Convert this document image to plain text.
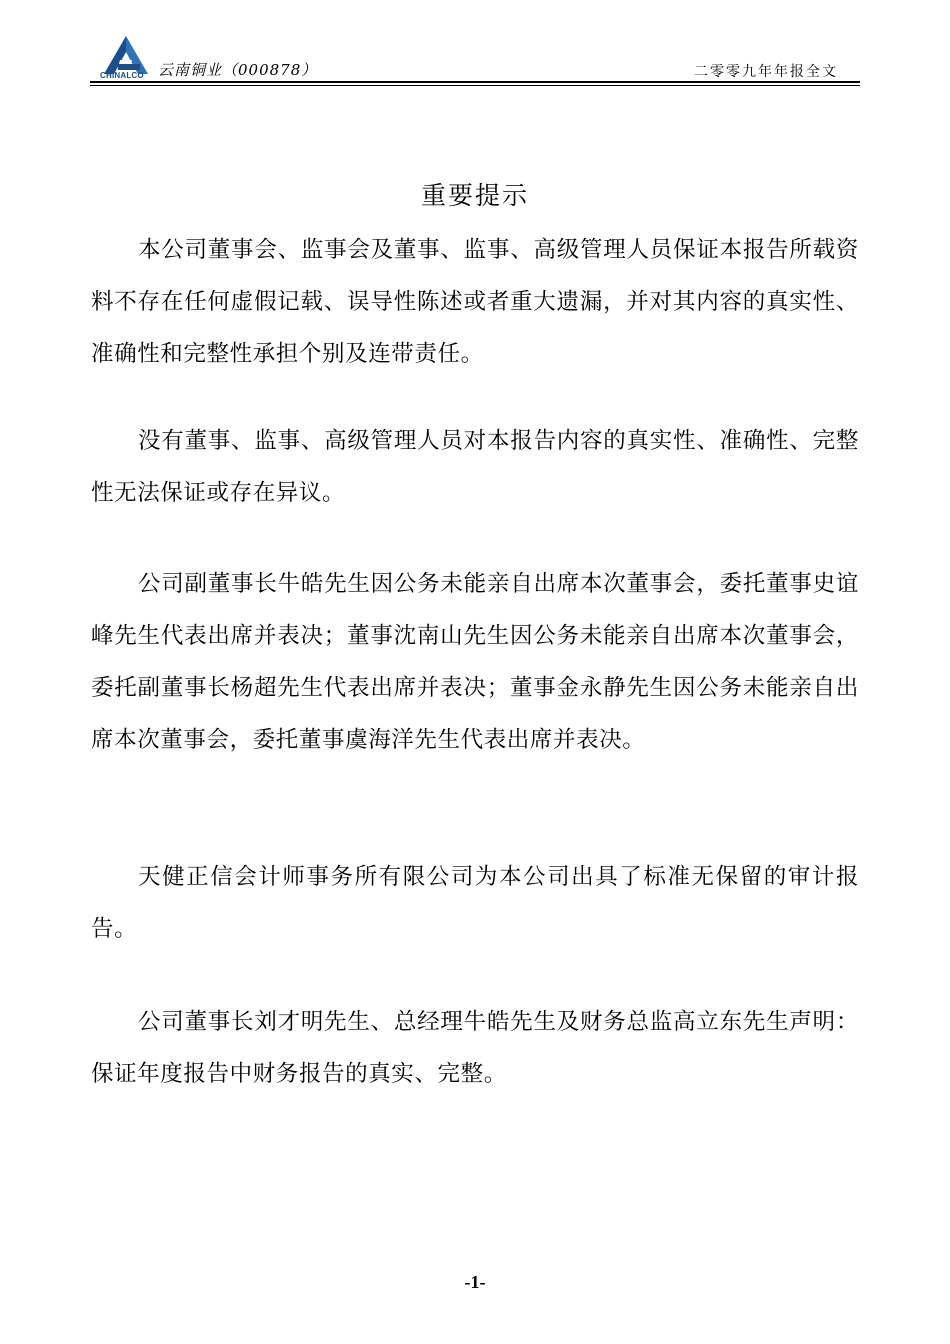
CHINALCO 云南铜业（000878）	二零零九年年报全文
重要提示

本公司董事会、监事会及董事、监事、高级管理人员保证本报告所载资料不存在任何虚假记载、误导性陈述或者重大遗漏，并对其内容的真实性、准确性和完整性承担个别及连带责任。

没有董事、监事、高级管理人员对本报告内容的真实性、准确性、完整性无法保证或存在异议。

公司副董事长牛皓先生因公务未能亲自出席本次董事会，委托董事史谊峰先生代表出席并表决；董事沈南山先生因公务未能亲自出席本次董事会，委托副董事长杨超先生代表出席并表决；董事金永静先生因公务未能亲自出席本次董事会，委托董事虞海洋先生代表出席并表决。

天健正信会计师事务所有限公司为本公司出具了标准无保留的审计报告。

公司董事长刘才明先生、总经理牛皓先生及财务总监高立东先生声明：保证年度报告中财务报告的真实、完整。

-1-
